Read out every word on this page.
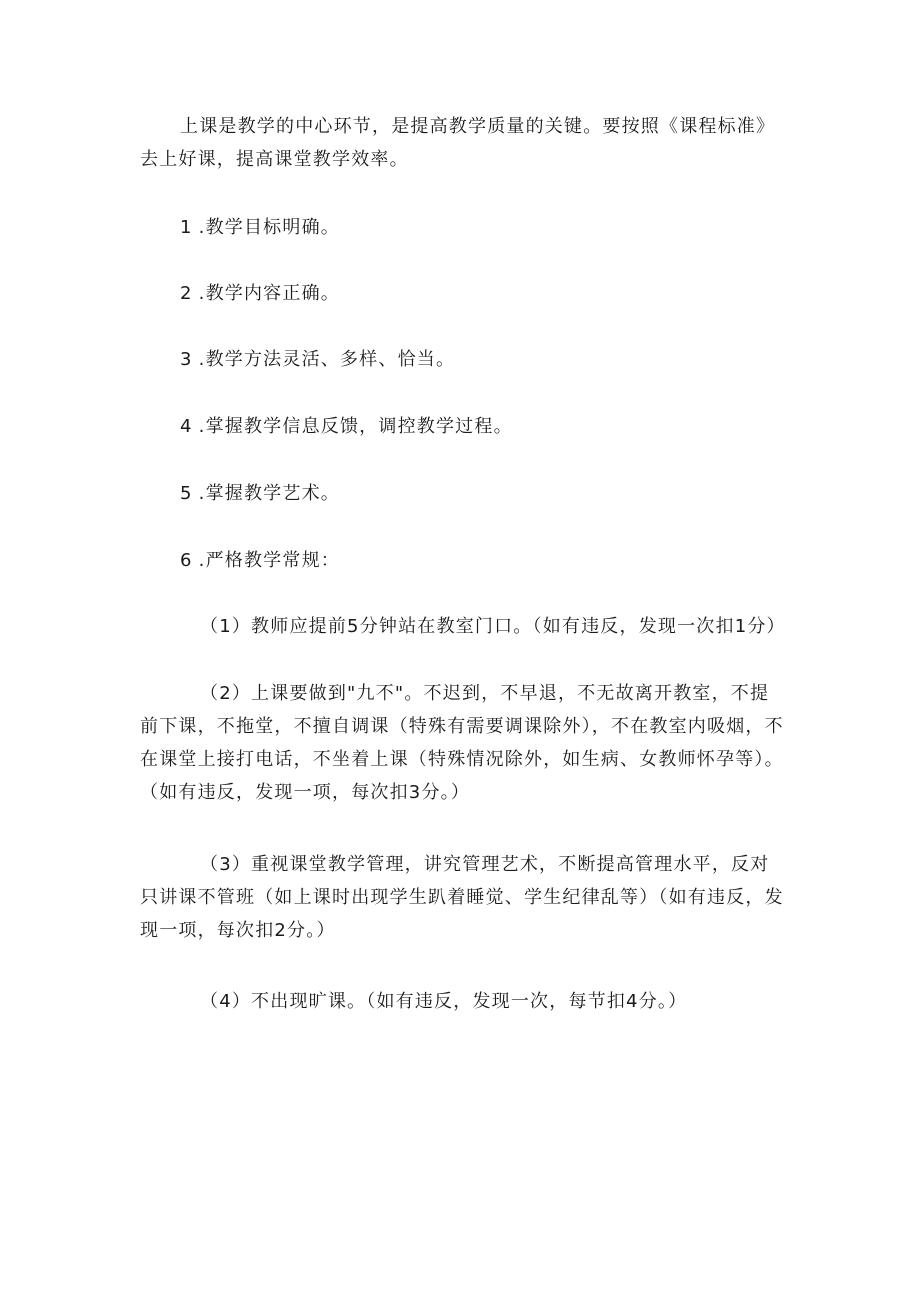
上课是教学的中心环节，是提高教学质量的关键。要按照《课程标准》去上好课，提高课堂教学效率。

1 .教学目标明确。
2 .教学内容正确。
3 .教学方法灵活、多样、恰当。
4 .掌握教学信息反馈，调控教学过程。
5 .掌握教学艺术。
6 .严格教学常规：

（1）教师应提前5分钟站在教室门口。（如有违反，发现一次扣1分）

（2）上课要做到"九不"。不迟到，不早退，不无故离开教室，不提前下课，不拖堂，不擅自调课（特殊有需要调课除外），不在教室内吸烟，不在课堂上接打电话，不坐着上课（特殊情况除外，如生病、女教师怀孕等）。（如有违反，发现一项，每次扣3分。）

（3）重视课堂教学管理，讲究管理艺术，不断提高管理水平，反对只讲课不管班（如上课时出现学生趴着睡觉、学生纪律乱等）（如有违反，发现一项，每次扣2分。）

（4）不出现旷课。（如有违反，发现一次，每节扣4分。）
